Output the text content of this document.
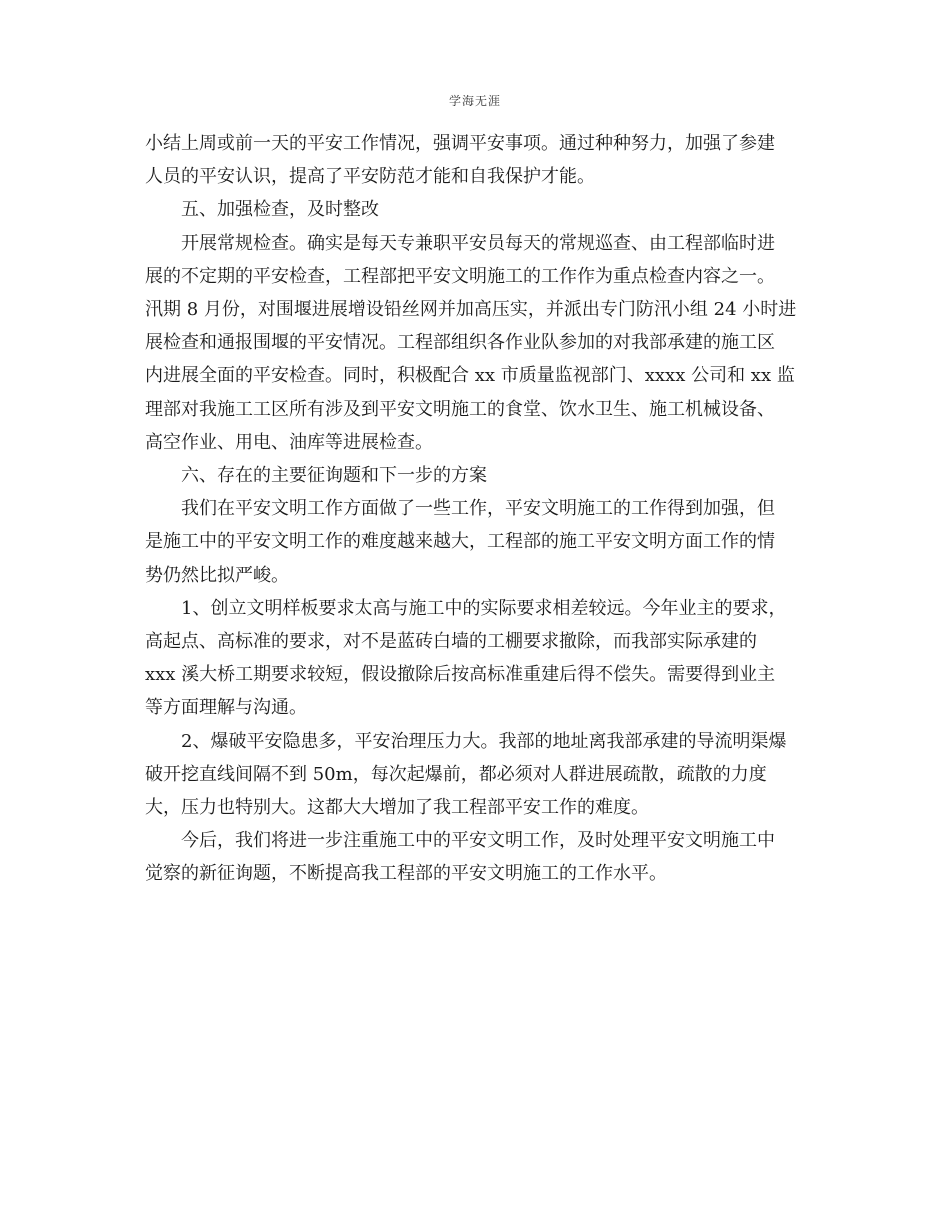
学海无涯

小结上周或前一天的平安工作情况，强调平安事项。通过种种努力，加强了参建
人员的平安认识，提高了平安防范才能和自我保护才能。

五、加强检查，及时整改

开展常规检查。确实是每天专兼职平安员每天的常规巡查、由工程部临时进
展的不定期的平安检查，工程部把平安文明施工的工作作为重点检查内容之一。
汛期 8 月份，对围堰进展增设铅丝网并加高压实，并派出专门防汛小组 24 小时进
展检查和通报围堰的平安情况。工程部组织各作业队参加的对我部承建的施工区
内进展全面的平安检查。同时，积极配合 xx 市质量监视部门、xxxx 公司和 xx 监
理部对我施工工区所有涉及到平安文明施工的食堂、饮水卫生、施工机械设备、
高空作业、用电、油库等进展检查。

六、存在的主要征询题和下一步的方案

我们在平安文明工作方面做了一些工作，平安文明施工的工作得到加强，但
是施工中的平安文明工作的难度越来越大，工程部的施工平安文明方面工作的情
势仍然比拟严峻。

1、创立文明样板要求太高与施工中的实际要求相差较远。今年业主的要求，
高起点、高标准的要求，对不是蓝砖白墙的工棚要求撤除，而我部实际承建的
xxx 溪大桥工期要求较短，假设撤除后按高标准重建后得不偿失。需要得到业主
等方面理解与沟通。

2、爆破平安隐患多，平安治理压力大。我部的地址离我部承建的导流明渠爆
破开挖直线间隔不到 50m，每次起爆前，都必须对人群进展疏散，疏散的力度
大，压力也特别大。这都大大增加了我工程部平安工作的难度。

今后，我们将进一步注重施工中的平安文明工作，及时处理平安文明施工中
觉察的新征询题，不断提高我工程部的平安文明施工的工作水平。
